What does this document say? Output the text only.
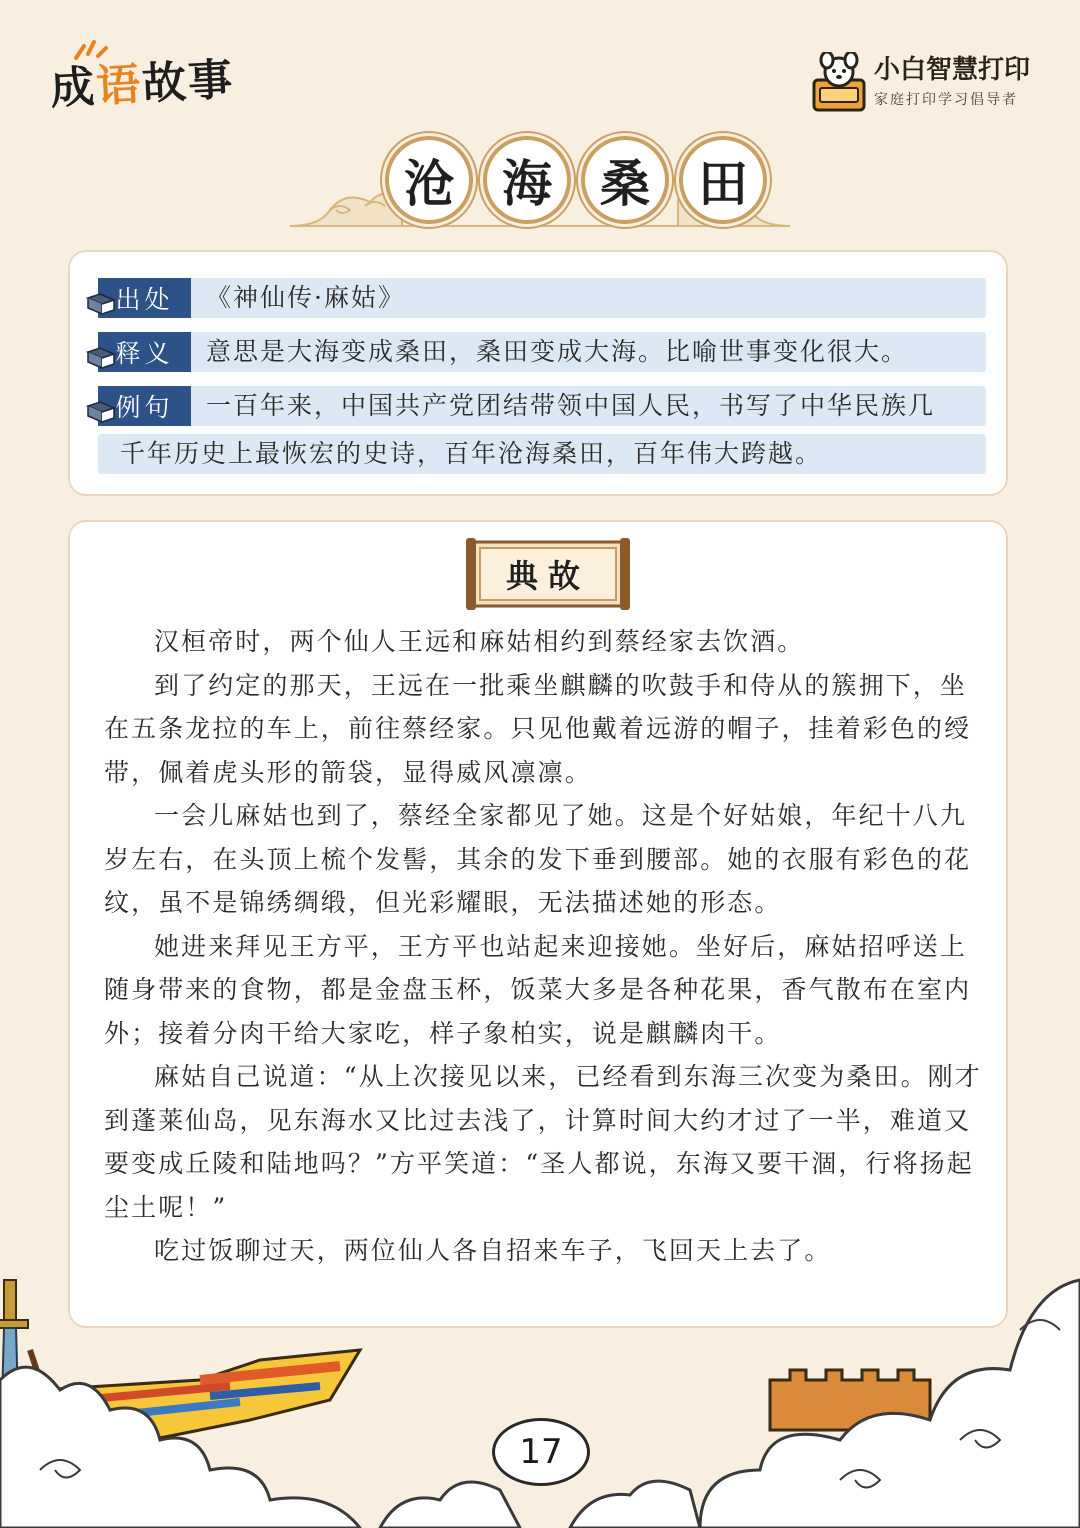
成语故事	小白智慧打印
家庭打印学习倡导者
沧 海 桑 田
出处 《神仙传·麻姑》
释义 意思是大海变成桑田，桑田变成大海。比喻世事变化很大。
例句 一百年来，中国共产党团结带领中国人民，书写了中华民族几
千年历史上最恢宏的史诗，百年沧海桑田，百年伟大跨越。
典故

汉桓帝时，两个仙人王远和麻姑相约到蔡经家去饮酒。

到了约定的那天，王远在一批乘坐麒麟的吹鼓手和侍从的簇拥下，坐在五条龙拉的车上，前往蔡经家。只见他戴着远游的帽子，挂着彩色的绶带，佩着虎头形的箭袋，显得威风凛凛。

一会儿麻姑也到了，蔡经全家都见了她。这是个好姑娘，年纪十八九岁左右，在头顶上梳个发髻，其余的发下垂到腰部。她的衣服有彩色的花纹，虽不是锦绣绸缎，但光彩耀眼，无法描述她的形态。

她进来拜见王方平，王方平也站起来迎接她。坐好后，麻姑招呼送上随身带来的食物，都是金盘玉杯，饭菜大多是各种花果，香气散布在室内外；接着分肉干给大家吃，样子象柏实，说是麒麟肉干。

麻姑自己说道：“从上次接见以来，已经看到东海三次变为桑田。刚才到蓬莱仙岛，见东海水又比过去浅了，计算时间大约才过了一半，难道又要变成丘陵和陆地吗？”方平笑道：“圣人都说，东海又要干涸，行将扬起尘土呢！”

吃过饭聊过天，两位仙人各自招来车子，飞回天上去了。

17
